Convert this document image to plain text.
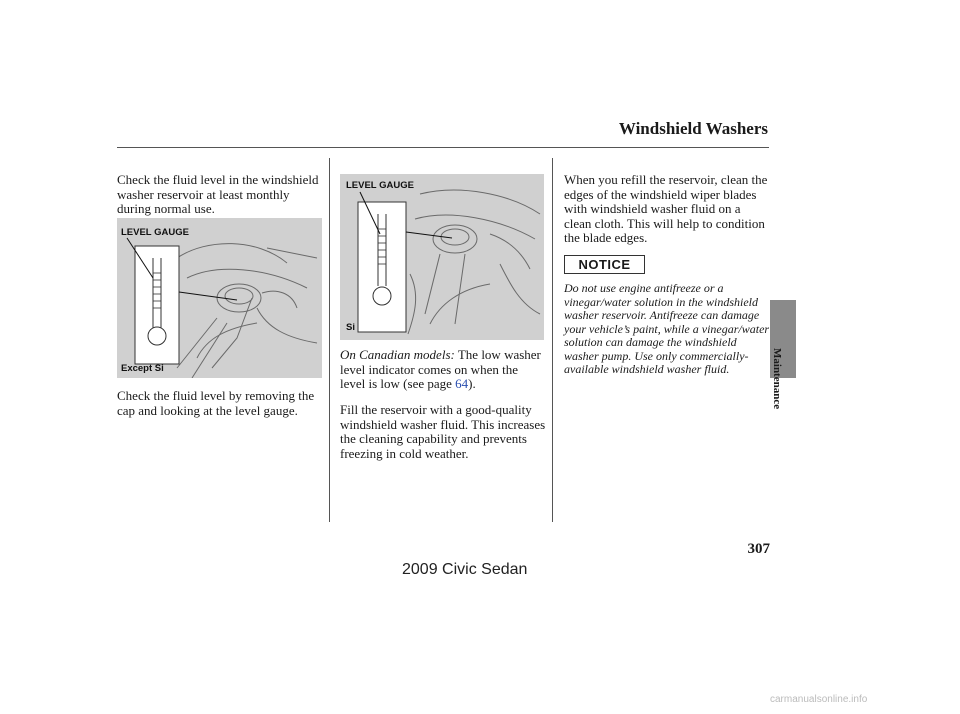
Windshield Washers
Check the fluid level in the windshield washer reservoir at least monthly during normal use.
LEVEL GAUGE
Except Si
Check the fluid level by removing the cap and looking at the level gauge.
LEVEL GAUGE
Si
On Canadian models: The low washer level indicator comes on when the level is low (see page 64).
Fill the reservoir with a good-quality windshield washer fluid. This increases the cleaning capability and prevents freezing in cold weather.
When you refill the reservoir, clean the edges of the windshield wiper blades with windshield washer fluid on a clean cloth. This will help to condition the blade edges.
NOTICE
Do not use engine antifreeze or a vinegar/water solution in the windshield washer reservoir. Antifreeze can damage your vehicle’s paint, while a vinegar/water solution can damage the windshield washer pump. Use only commercially-available windshield washer fluid.	Maintenance
307
2009 Civic Sedan
carmanualsonline.info
